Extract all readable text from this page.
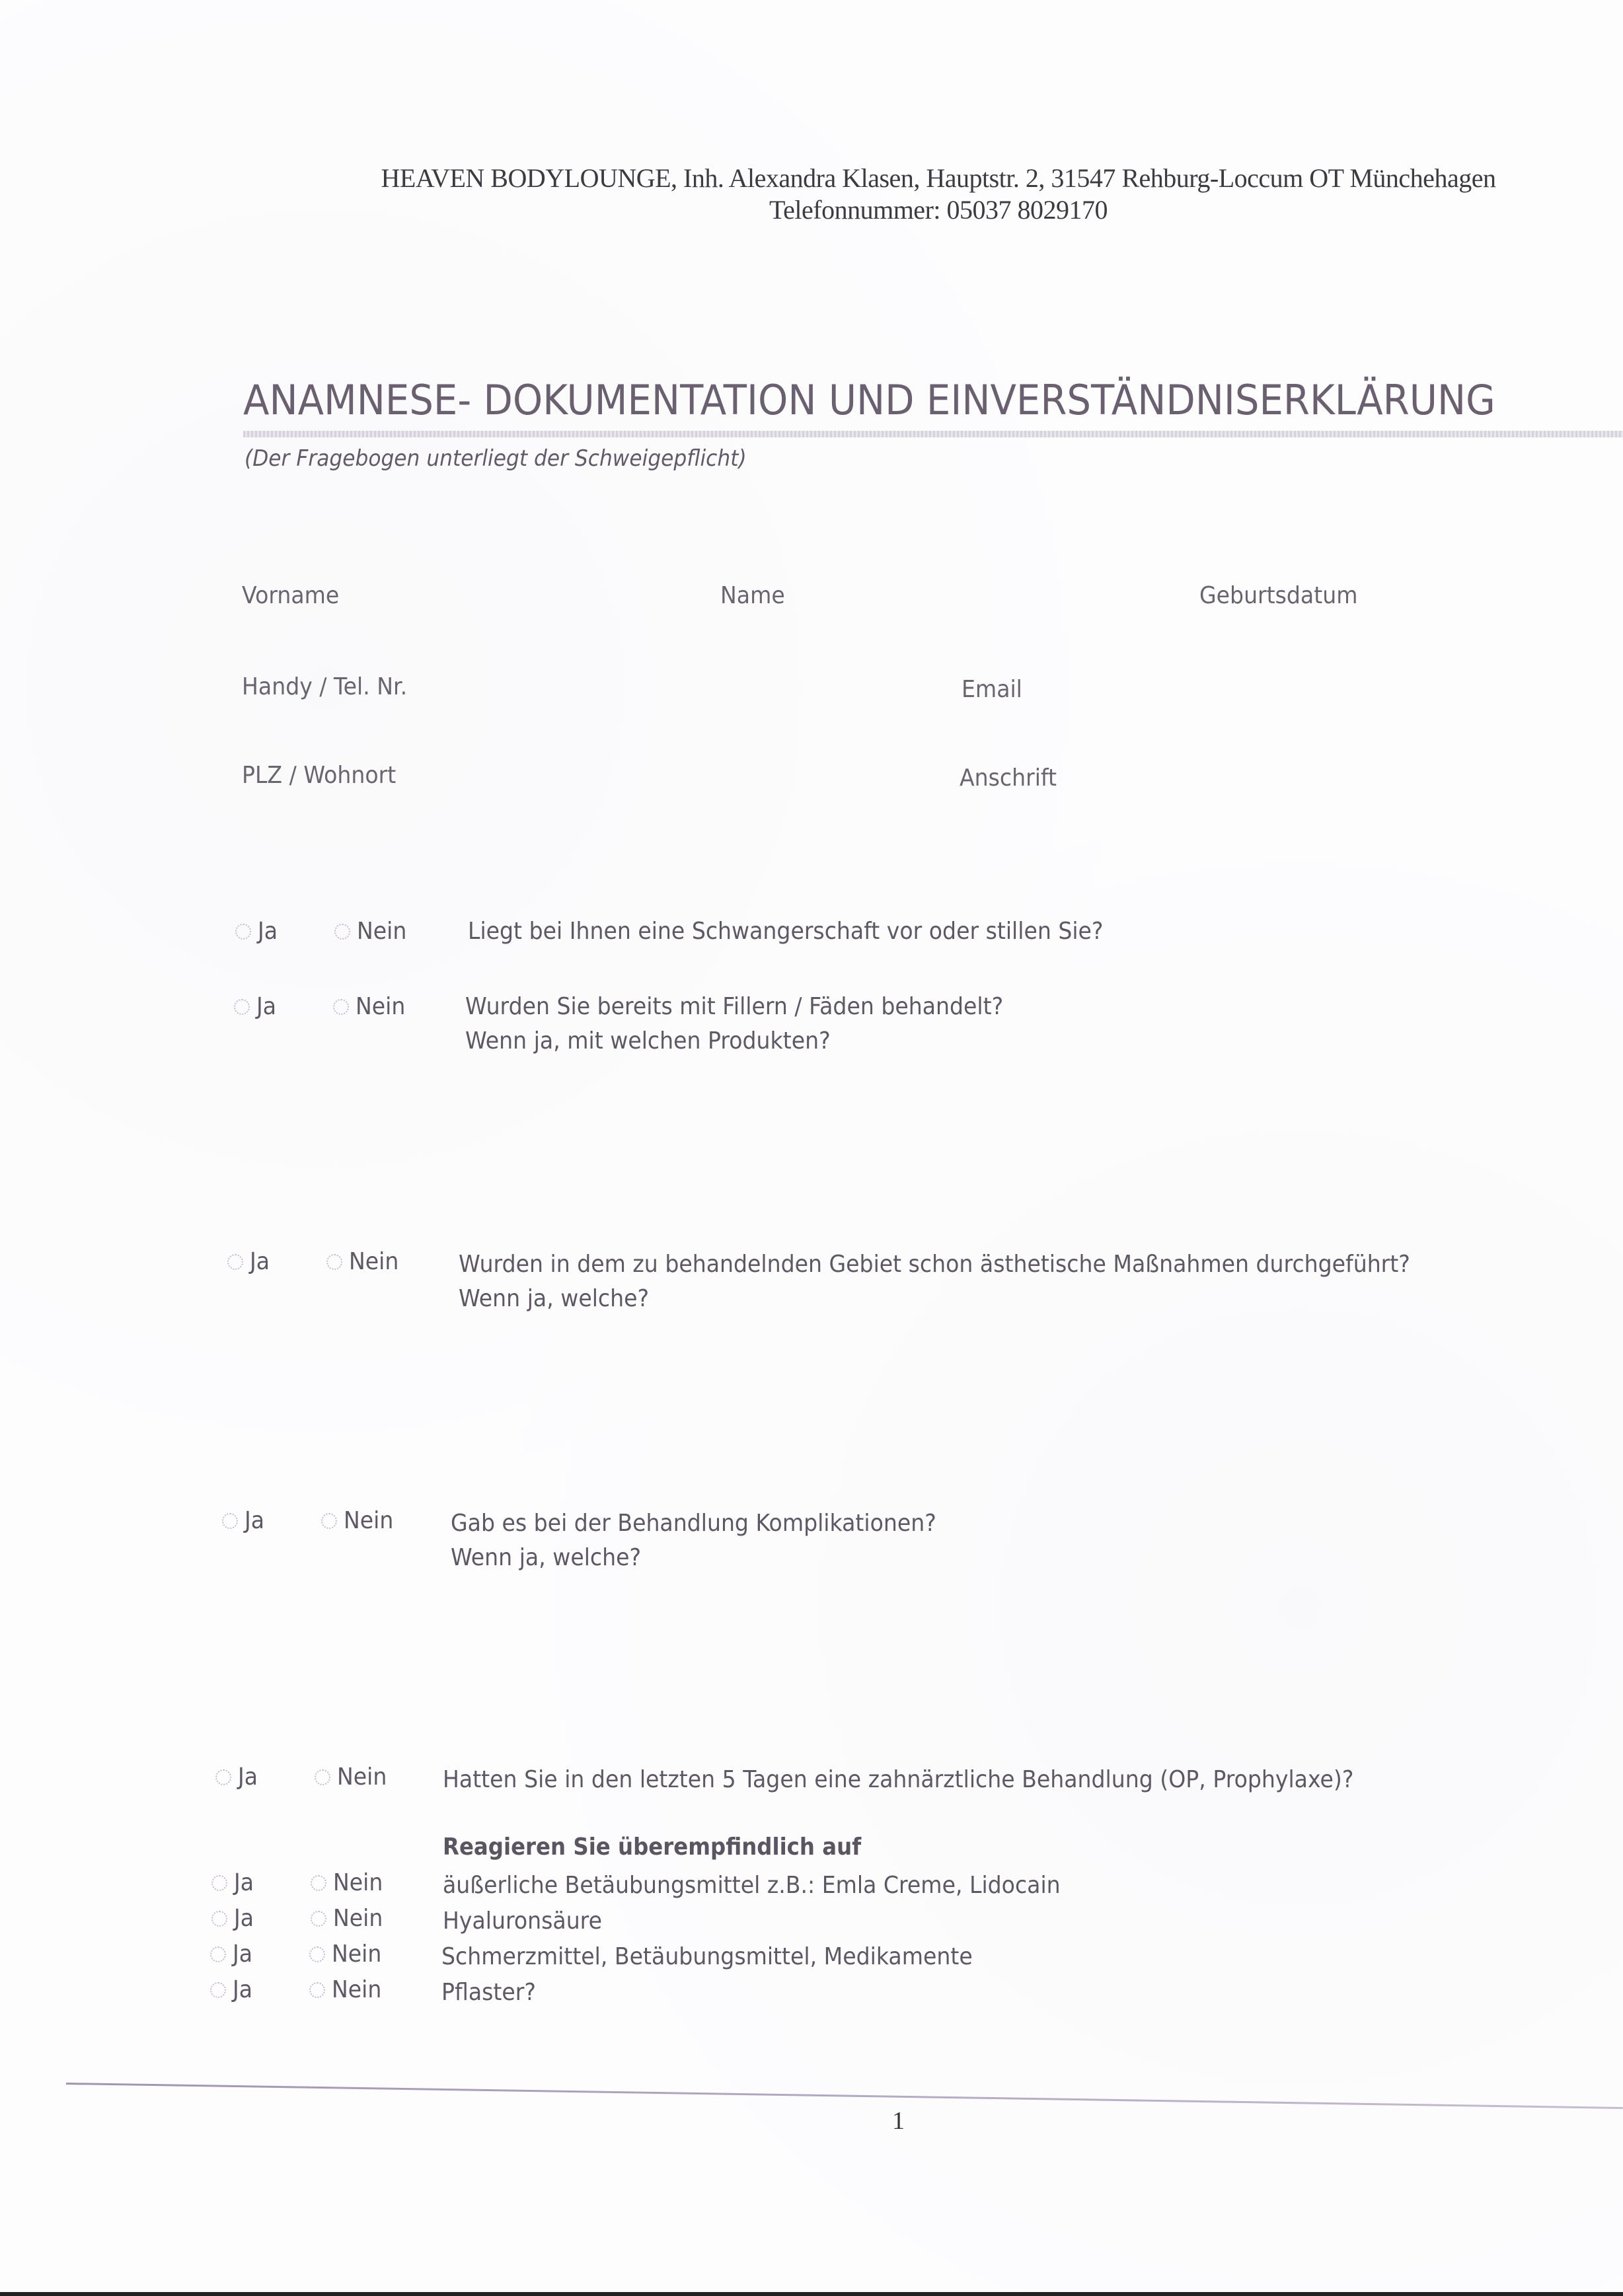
HEAVEN BODYLOUNGE, Inh. Alexandra Klasen, Hauptstr. 2, 31547 Rehburg-Loccum OT Münchehagen
Telefonnummer: 05037 8029170
ANAMNESE- DOKUMENTATION UND EINVERSTÄNDNISERKLÄRUNG
(Der Fragebogen unterliegt der Schweigepflicht)
Vorname	Name	Geburtsdatum
Handy / Tel. Nr.	Email
PLZ / Wohnort	Anschrift
Ja	Nein	Liegt bei Ihnen eine Schwangerschaft vor oder stillen Sie?
Ja	Nein	Wurden Sie bereits mit Fillern / Fäden behandelt?
Wenn ja, mit welchen Produkten?
Ja	Nein	Wurden in dem zu behandelnden Gebiet schon ästhetische Maßnahmen durchgeführt?
Wenn ja, welche?
Ja	Nein Gab es bei der Behandlung Komplikationen?
Wenn ja, welche?
Ja	Nein Hatten Sie in den letzten 5 Tagen eine zahnärztliche Behandlung (OP, Prophylaxe)?
Reagieren Sie überempfindlich auf
Ja	Nein	äußerliche Betäubungsmittel z.B.: Emla Creme, Lidocain
Ja	Nein	Hyaluronsäure
Ja	Nein	Schmerzmittel, Betäubungsmittel, Medikamente
Ja	Nein	Pflaster?
1
